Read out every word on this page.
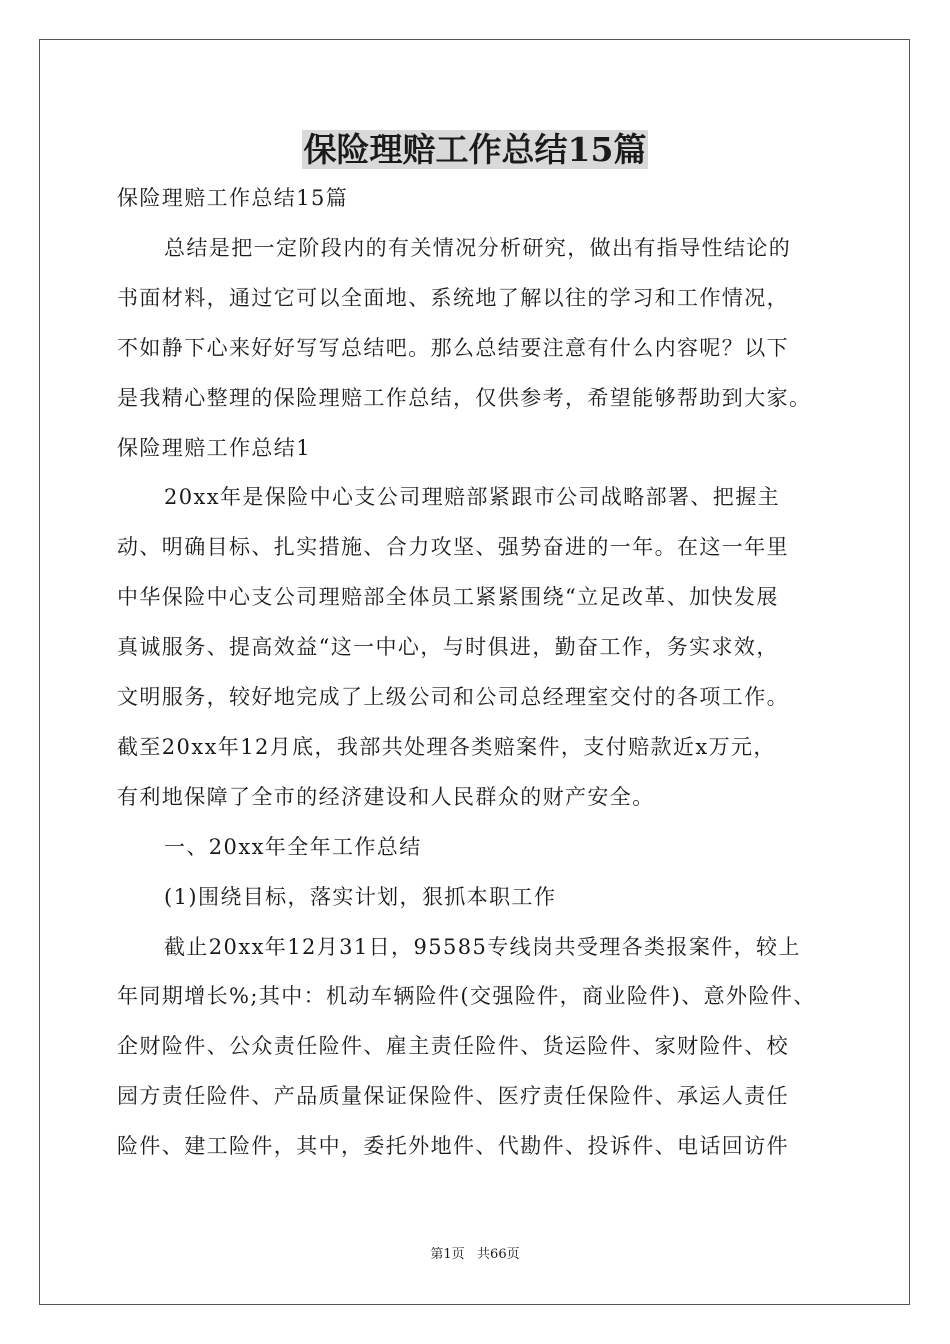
保险理赔工作总结15篇
保险理赔工作总结15篇
总结是把一定阶段内的有关情况分析研究，做出有指导性结论的
书面材料，通过它可以全面地、系统地了解以往的学习和工作情况，
不如静下心来好好写写总结吧。那么总结要注意有什么内容呢？以下
是我精心整理的保险理赔工作总结，仅供参考，希望能够帮助到大家。
保险理赔工作总结1
20xx年是保险中心支公司理赔部紧跟市公司战略部署、把握主
动、明确目标、扎实措施、合力攻坚、强势奋进的一年。在这一年里
中华保险中心支公司理赔部全体员工紧紧围绕“立足改革、加快发展
真诚服务、提高效益“这一中心，与时俱进，勤奋工作，务实求效，
文明服务，较好地完成了上级公司和公司总经理室交付的各项工作。
截至20xx年12月底，我部共处理各类赔案件，支付赔款近x万元，
有利地保障了全市的经济建设和人民群众的财产安全。
一、20xx年全年工作总结
(1)围绕目标，落实计划，狠抓本职工作
截止20xx年12月31日，95585专线岗共受理各类报案件，较上
年同期增长%;其中：机动车辆险件(交强险件，商业险件)、意外险件、
企财险件、公众责任险件、雇主责任险件、货运险件、家财险件、校
园方责任险件、产品质量保证保险件、医疗责任保险件、承运人责任
险件、建工险件，其中，委托外地件、代勘件、投诉件、电话回访件
第1页   共66页
